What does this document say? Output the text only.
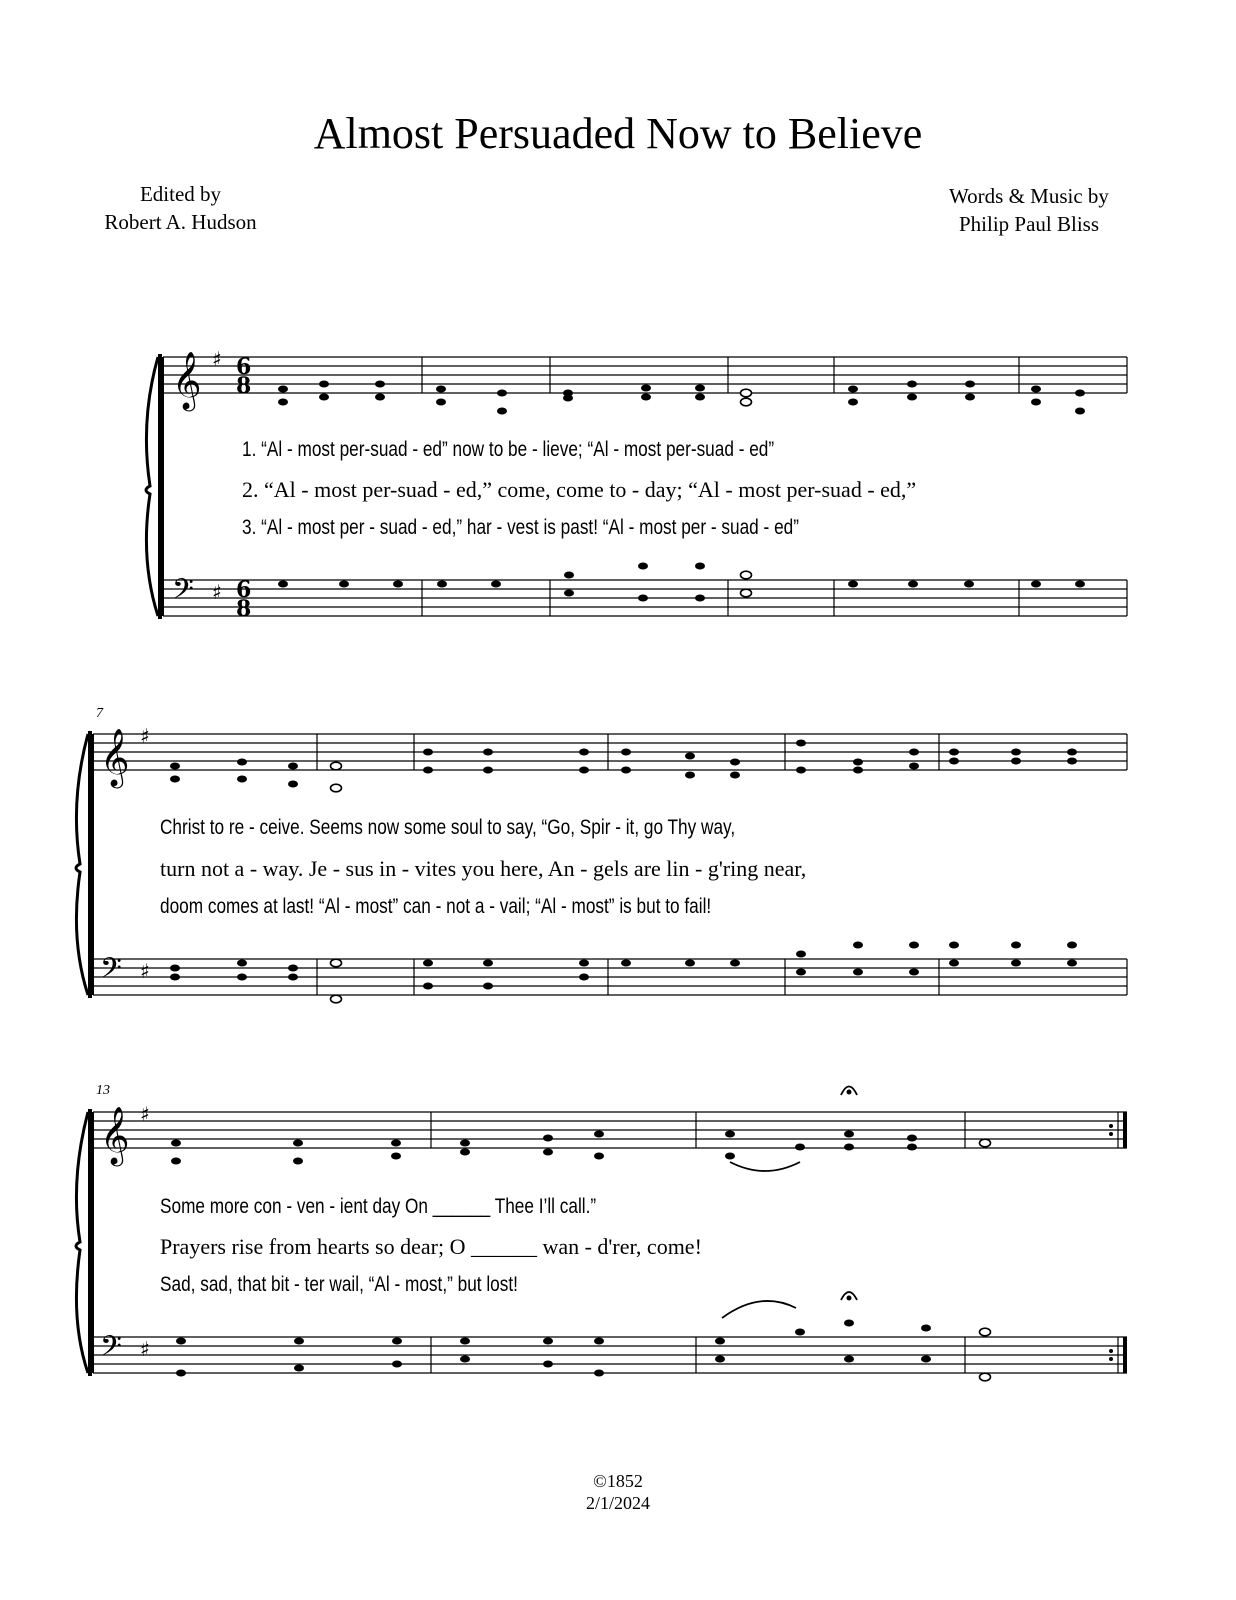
Almost Persuaded Now to Believe
Edited by
Robert A. Hudson
Words & Music by
Philip Paul Bliss
𝄞
𝄢
𝄞
𝄢
𝄞
𝄢
♯
♯
♯
♯
♯
♯
6
8
6
8
7
13
1. “Al - most per-suad - ed” now to be - lieve; “Al - most per-suad - ed”
2. “Al - most per-suad - ed,” come, come to - day; “Al - most per-suad - ed,”
3. “Al - most per - suad - ed,” har - vest is past! “Al - most per - suad - ed”
Christ to re - ceive. Seems now some soul to say, “Go, Spir - it, go Thy way,
turn not a - way. Je - sus in - vites you here, An - gels are lin - g'ring near,
doom comes at last! “Al - most” can - not a - vail; “Al - most” is but to fail!
Some more con - ven - ient day On ______ Thee I’ll call.”
Prayers rise from hearts so dear; O ______ wan - d'rer, come!
Sad, sad, that bit - ter wail, “Al - most,” but lost!
©1852
2/1/2024
